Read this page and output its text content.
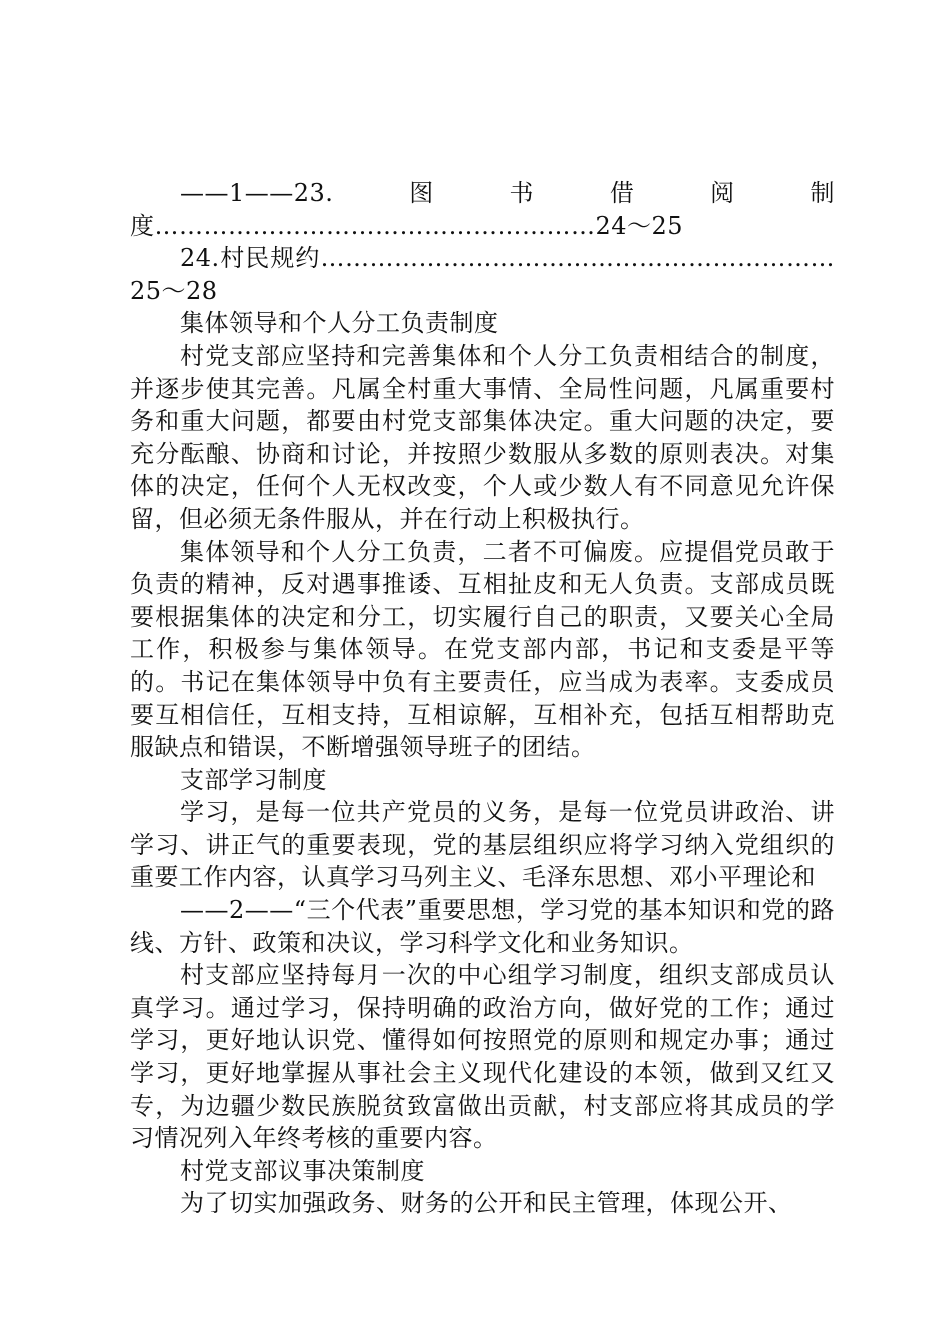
——1——23.图书借阅制度………………………………………………24～25

24.村民规约………………………………………………………25～28

集体领导和个人分工负责制度

村党支部应坚持和完善集体和个人分工负责相结合的制度，并逐步使其完善。凡属全村重大事情、全局性问题，凡属重要村务和重大问题，都要由村党支部集体决定。重大问题的决定，要充分酝酿、协商和讨论，并按照少数服从多数的原则表决。对集体的决定，任何个人无权改变，个人或少数人有不同意见允许保留，但必须无条件服从，并在行动上积极执行。

集体领导和个人分工负责，二者不可偏废。应提倡党员敢于负责的精神，反对遇事推诿、互相扯皮和无人负责。支部成员既要根据集体的决定和分工，切实履行自己的职责，又要关心全局工作，积极参与集体领导。在党支部内部，书记和支委是平等的。书记在集体领导中负有主要责任，应当成为表率。支委成员要互相信任，互相支持，互相谅解，互相补充，包括互相帮助克服缺点和错误，不断增强领导班子的团结。

支部学习制度

学习，是每一位共产党员的义务，是每一位党员讲政治、讲学习、讲正气的重要表现，党的基层组织应将学习纳入党组织的重要工作内容，认真学习马列主义、毛泽东思想、邓小平理论和

——2——“三个代表”重要思想，学习党的基本知识和党的路线、方针、政策和决议，学习科学文化和业务知识。

村支部应坚持每月一次的中心组学习制度，组织支部成员认真学习。通过学习，保持明确的政治方向，做好党的工作；通过学习，更好地认识党、懂得如何按照党的原则和规定办事；通过学习，更好地掌握从事社会主义现代化建设的本领，做到又红又专，为边疆少数民族脱贫致富做出贡献，村支部应将其成员的学习情况列入年终考核的重要内容。

村党支部议事决策制度

为了切实加强政务、财务的公开和民主管理，体现公开、
